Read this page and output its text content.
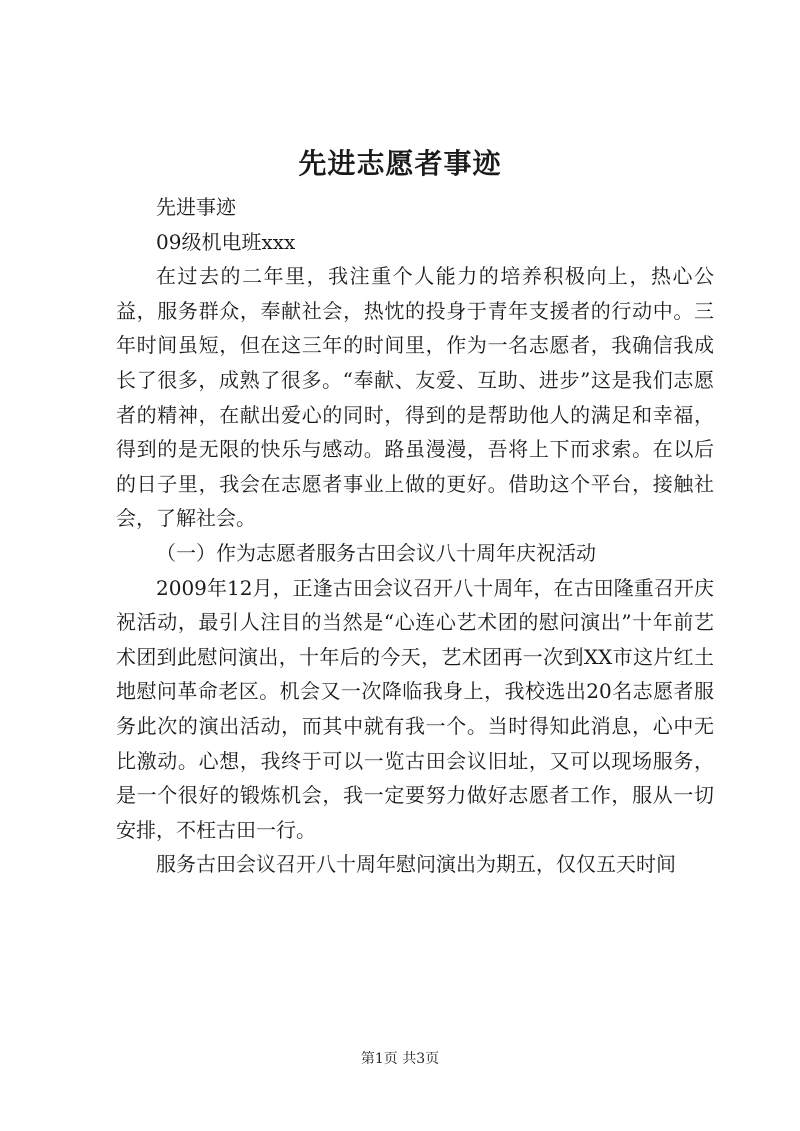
先进志愿者事迹

先进事迹

09级机电班xxx

在过去的二年里，我注重个人能力的培养积极向上，热心公益，服务群众，奉献社会，热忱的投身于青年支援者的行动中。三年时间虽短，但在这三年的时间里，作为一名志愿者，我确信我成长了很多，成熟了很多。“奉献、友爱、互助、进步”这是我们志愿者的精神，在献出爱心的同时，得到的是帮助他人的满足和幸福，得到的是无限的快乐与感动。路虽漫漫，吾将上下而求索。在以后的日子里，我会在志愿者事业上做的更好。借助这个平台，接触社会，了解社会。

（一）作为志愿者服务古田会议八十周年庆祝活动

2009年12月，正逢古田会议召开八十周年，在古田隆重召开庆祝活动，最引人注目的当然是“心连心艺术团的慰问演出”十年前艺术团到此慰问演出，十年后的今天，艺术团再一次到XX市这片红土地慰问革命老区。机会又一次降临我身上，我校选出20名志愿者服务此次的演出活动，而其中就有我一个。当时得知此消息，心中无比激动。心想，我终于可以一览古田会议旧址，又可以现场服务，是一个很好的锻炼机会，我一定要努力做好志愿者工作，服从一切安排，不枉古田一行。

服务古田会议召开八十周年慰问演出为期五，仅仅五天时间

第1页 共3页
